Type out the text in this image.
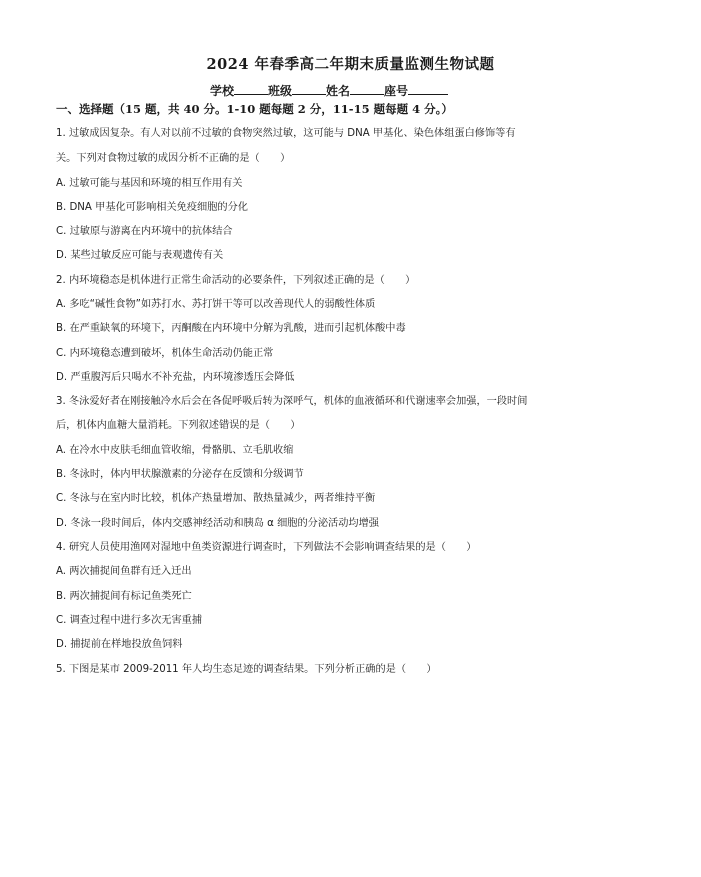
2024 年春季高二年期末质量监测生物试题
学校	班级	姓名	座号
一、选择题（15 题，共 40 分。1-10 题每题 2 分，11-15 题每题 4 分。）
1. 过敏成因复杂。有人对以前不过敏的食物突然过敏，这可能与 DNA 甲基化、染色体组蛋白修饰等有
关。下列对食物过敏的成因分析不正确的是（　　）
A. 过敏可能与基因和环境的相互作用有关
B. DNA 甲基化可影响相关免疫细胞的分化
C. 过敏原与游离在内环境中的抗体结合
D. 某些过敏反应可能与表观遗传有关
2. 内环境稳态是机体进行正常生命活动的必要条件，下列叙述正确的是（　　）
A. 多吃“碱性食物”如苏打水、苏打饼干等可以改善现代人的弱酸性体质
B. 在严重缺氧的环境下，丙酮酸在内环境中分解为乳酸，进而引起机体酸中毒
C. 内环境稳态遭到破坏，机体生命活动仍能正常
D. 严重腹泻后只喝水不补充盐，内环境渗透压会降低
3. 冬泳爱好者在刚接触冷水后会在各促呼吸后转为深呼气，机体的血液循环和代谢速率会加强，一段时间
后，机体内血糖大量消耗。下列叙述错误的是（　　）
A. 在冷水中皮肤毛细血管收缩，骨骼肌、立毛肌收缩
B. 冬泳时，体内甲状腺激素的分泌存在反馈和分级调节
C. 冬泳与在室内时比较，机体产热量增加、散热量减少，两者维持平衡
D. 冬泳一段时间后，体内交感神经活动和胰岛 α 细胞的分泌活动均增强
4. 研究人员使用渔网对湿地中鱼类资源进行调查时，下列做法不会影响调查结果的是（　　）
A. 两次捕捉间鱼群有迁入迁出
B. 两次捕捉间有标记鱼类死亡
C. 调查过程中进行多次无害重捕
D. 捕捉前在样地投放鱼饲料
5. 下图是某市 2009-2011 年人均生态足迹的调查结果。下列分析正确的是（　　）
